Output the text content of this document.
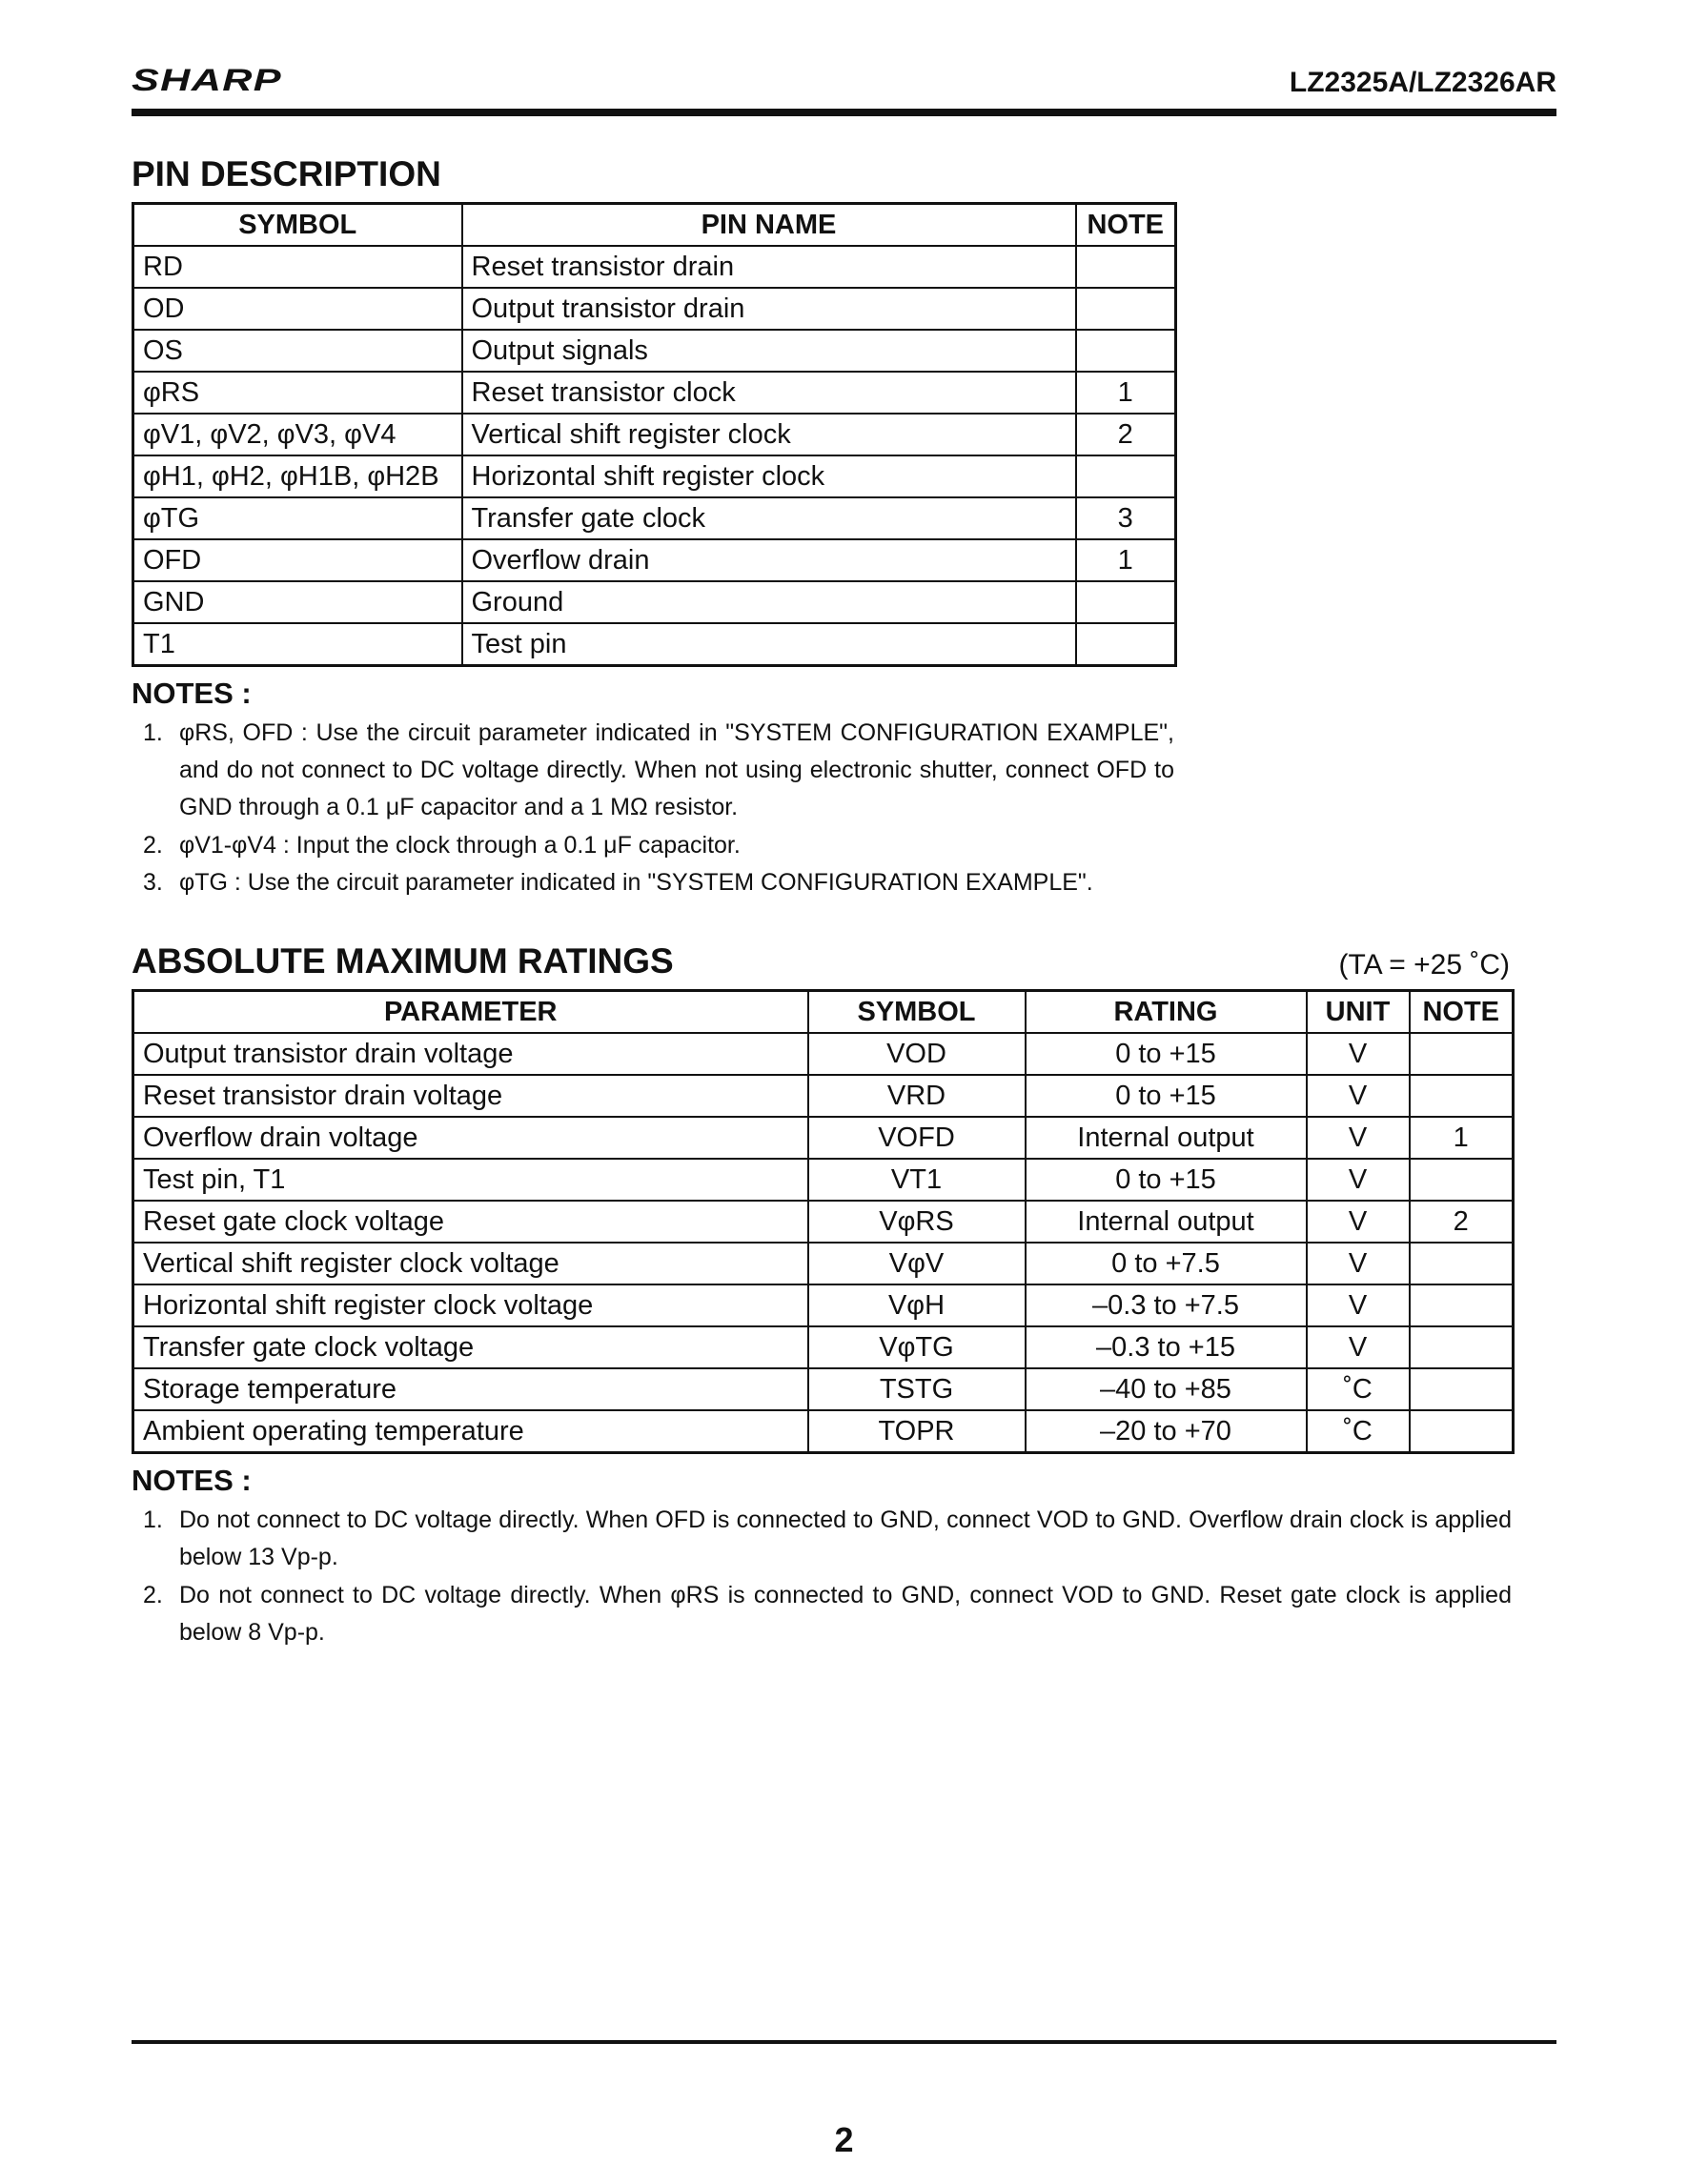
SHARP	LZ2325A/LZ2326AR
PIN DESCRIPTION
SYMBOL	PIN NAME	NOTE
RD	Reset transistor drain	
OD	Output transistor drain	
OS	Output signals	
φRS	Reset transistor clock	1
φV1, φV2, φV3, φV4	Vertical shift register clock	2
φH1, φH2, φH1B, φH2B	Horizontal shift register clock	
φTG	Transfer gate clock	3
OFD	Overflow drain	1
GND	Ground	
T1	Test pin	
NOTES :
1. φRS, OFD : Use the circuit parameter indicated in "SYSTEM CONFIGURATION EXAMPLE", and do not connect to DC voltage directly. When not using electronic shutter, connect OFD to GND through a 0.1 μF capacitor and a 1 MΩ resistor.
2. φV1-φV4 : Input the clock through a 0.1 μF capacitor.
3. φTG : Use the circuit parameter indicated in "SYSTEM CONFIGURATION EXAMPLE".
ABSOLUTE MAXIMUM RATINGS	(TA = +25 ˚C)
PARAMETER	SYMBOL	RATING	UNIT	NOTE
Output transistor drain voltage	VOD	0 to +15	V	
Reset transistor drain voltage	VRD	0 to +15	V	
Overflow drain voltage	VOFD	Internal output	V	1
Test pin, T1	VT1	0 to +15	V	
Reset gate clock voltage	VφRS	Internal output	V	2
Vertical shift register clock voltage	VφV	0 to +7.5	V	
Horizontal shift register clock voltage	VφH	–0.3 to +7.5	V	
Transfer gate clock voltage	VφTG	–0.3 to +15	V	
Storage temperature	TSTG	–40 to +85	˚C	
Ambient operating temperature	TOPR	–20 to +70	˚C	
NOTES :
1. Do not connect to DC voltage directly. When OFD is connected to GND, connect VOD to GND. Overflow drain clock is applied below 13 Vp-p.
2. Do not connect to DC voltage directly. When φRS is connected to GND, connect VOD to GND. Reset gate clock is applied below 8 Vp-p.
2
